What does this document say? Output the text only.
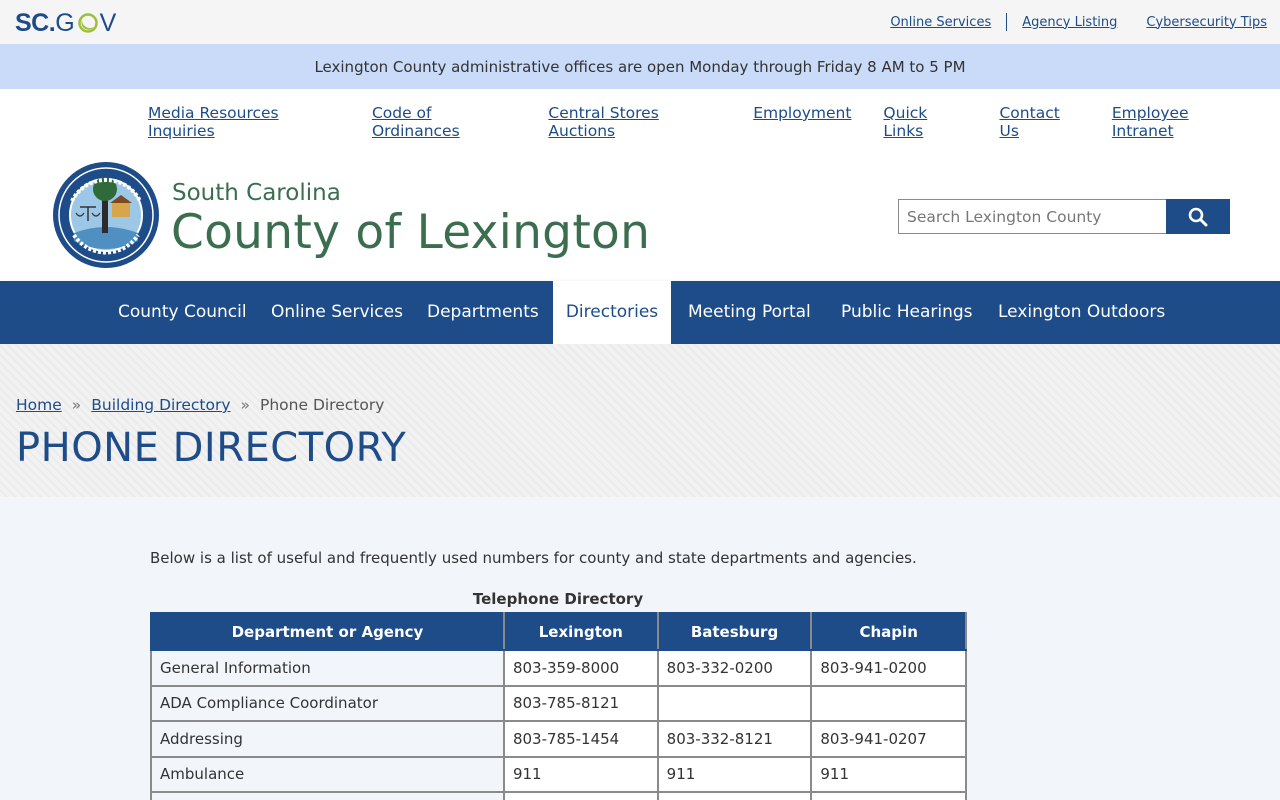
SC . G V	Online Services Agency Listing Cybersecurity Tips
Lexington County administrative offices are open Monday through Friday 8 AM to 5 PM
Media Resources Inquiries
Code of Ordinances
Central Stores Auctions
Employment Quick Links
Contact Us
Employee Intranet
South Carolina
County of Lexington
Search Lexington County
County Council	Online Services	Departments	Directories	Meeting Portal	Public Hearings	Lexington Outdoors
Home » Building Directory » Phone Directory
PHONE DIRECTORY

Below is a list of useful and frequently used numbers for county and state departments and agencies.

Telephone Directory
Department or Agency	Lexington	Batesburg	Chapin
General Information	803-359-8000	803-332-0200	803-941-0200
ADA Compliance Coordinator	803-785-8121		
Addressing	803-785-1454	803-332-8121	803-941-0207
Ambulance	911	911	911
